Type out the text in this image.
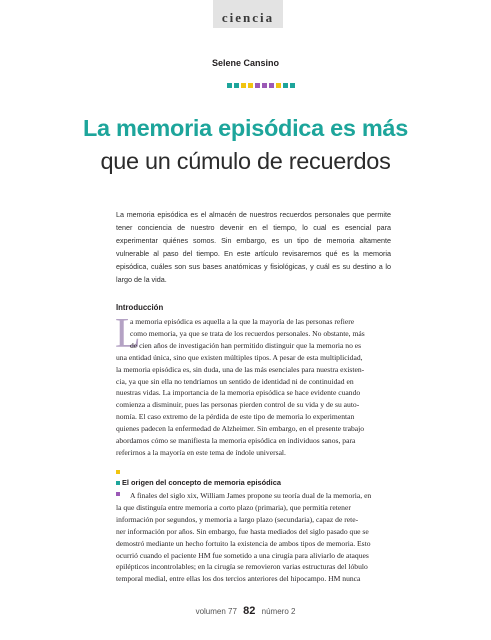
ciencia
Selene Cansino
La memoria episódica es más
que un cúmulo de recuerdos
La memoria episódica es el almacén de nuestros recuerdos personales que permite tener conciencia de nuestro devenir en el tiempo, lo cual es esencial para experimentar quiénes somos. Sin embargo, es un tipo de memoria altamente vulnerable al paso del tiempo. En este artículo revisaremos qué es la memoria episódica, cuáles son sus bases anatómicas y fisiológicas, y cuál es su destino a lo largo de la vida.
Introducción
L
a memoria episódica es aquella a la que la mayoría de las personas refiere
como memoria, ya que se trata de los recuerdos personales. No obstante, más
de cien años de investigación han permitido distinguir que la memoria no es
una entidad única, sino que existen múltiples tipos. A pesar de esta multiplicidad,
la memoria episódica es, sin duda, una de las más esenciales para nuestra existen-
cia, ya que sin ella no tendríamos un sentido de identidad ni de continuidad en
nuestras vidas. La importancia de la memoria episódica se hace evidente cuando
comienza a disminuir, pues las personas pierden control de su vida y de su auto-
nomía. El caso extremo de la pérdida de este tipo de memoria lo experimentan
quienes padecen la enfermedad de Alzheimer. Sin embargo, en el presente trabajo
abordamos cómo se manifiesta la memoria episódica en individuos sanos, para
referirnos a la mayoría en este tema de índole universal.
El origen del concepto de memoria episódica
A finales del siglo xix, William James propone su teoría dual de la memoria, en
la que distinguía entre memoria a corto plazo (primaria), que permitía retener
información por segundos, y memoria a largo plazo (secundaria), capaz de rete-
ner información por años. Sin embargo, fue hasta mediados del siglo pasado que se
demostró mediante un hecho fortuito la existencia de ambos tipos de memoria. Esto
ocurrió cuando el paciente HM fue sometido a una cirugía para aliviarlo de ataques
epilépticos incontrolables; en la cirugía se removieron varias estructuras del lóbulo
temporal medial, entre ellas los dos tercios anteriores del hipocampo. HM nunca
volumen 77 82 número 2
